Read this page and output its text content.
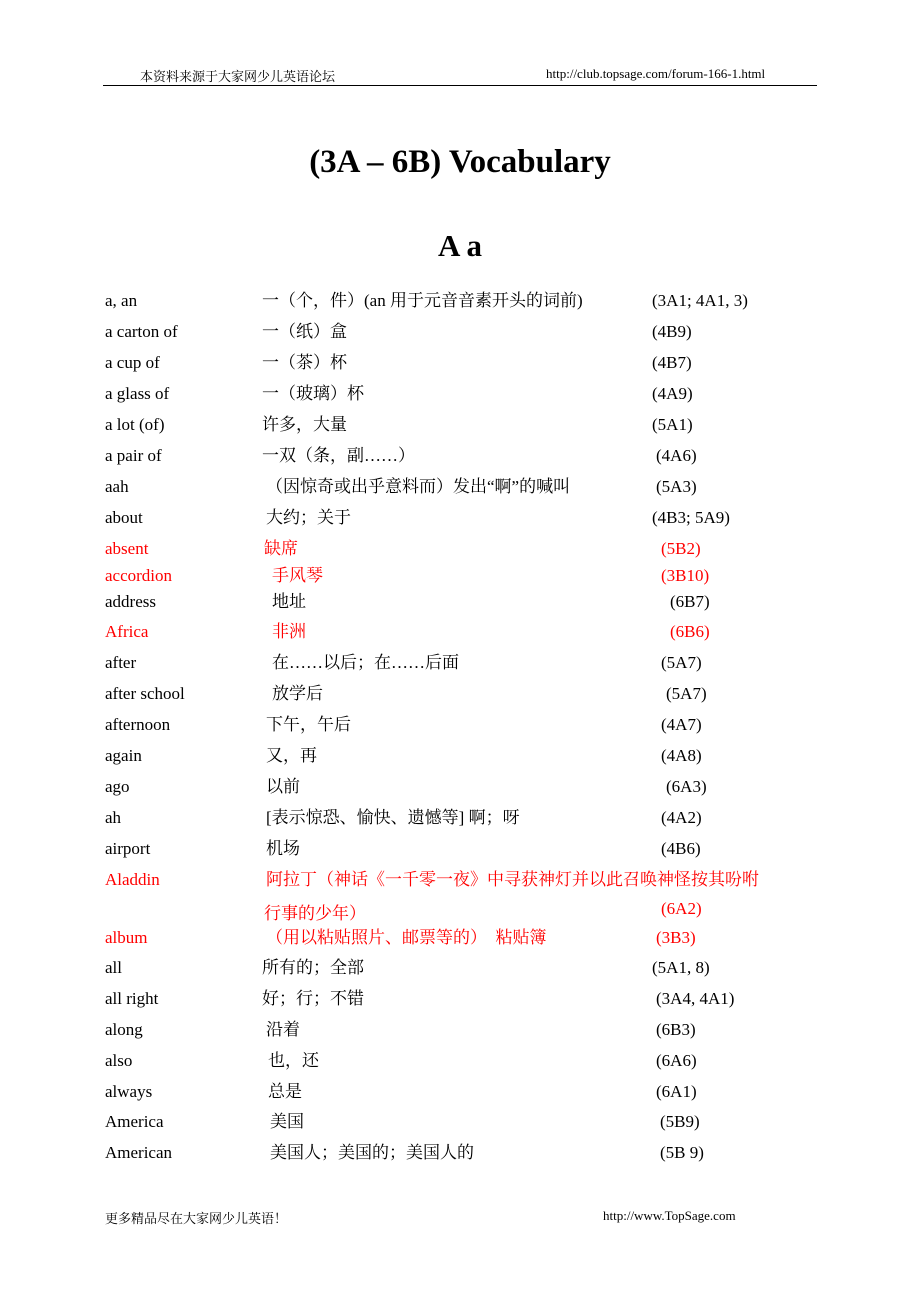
本资料来源于大家网少儿英语论坛	http://club.topsage.com/forum-166-1.html
(3A – 6B) Vocabulary
A a
a, an	一（个，件）(an 用于元音音素开头的词前)	(3A1; 4A1, 3)
a carton of	一（纸）盒	(4B9)
a cup of	一（茶）杯	(4B7)
a glass of	一（玻璃）杯	(4A9)
a lot (of)	许多，大量	(5A1)
a pair of	一双（条，副……）	(4A6)
aah	（因惊奇或出乎意料而）发出“啊”的喊叫	(5A3)
about	大约；关于	(4B3; 5A9)
absent	缺席	(5B2)
accordion	手风琴	(3B10)
address	地址	(6B7)
Africa	非洲	(6B6)
after	在……以后；在……后面	(5A7)
after school	放学后	(5A7)
afternoon	下午，午后	(4A7)
again	又，再	(4A8)
ago	以前	(6A3)
ah	[表示惊恐、愉快、遗憾等] 啊；呀	(4A2)
airport	机场	(4B6)
Aladdin	阿拉丁（神话《一千零一夜》中寻获神灯并以此召唤神怪按其吩咐
行事的少年）	(6A2)
album	（用以粘贴照片、邮票等的）　粘贴簿	(3B3)
all	所有的；全部	(5A1, 8)
all right	好；行；不错	(3A4, 4A1)
along	沿着	(6B3)
also	也，还	(6A6)
always	总是	(6A1)
America	美国	(5B9)
American	美国人；美国的；美国人的	(5B 9)
更多精品尽在大家网少儿英语！	http://www.TopSage.com
